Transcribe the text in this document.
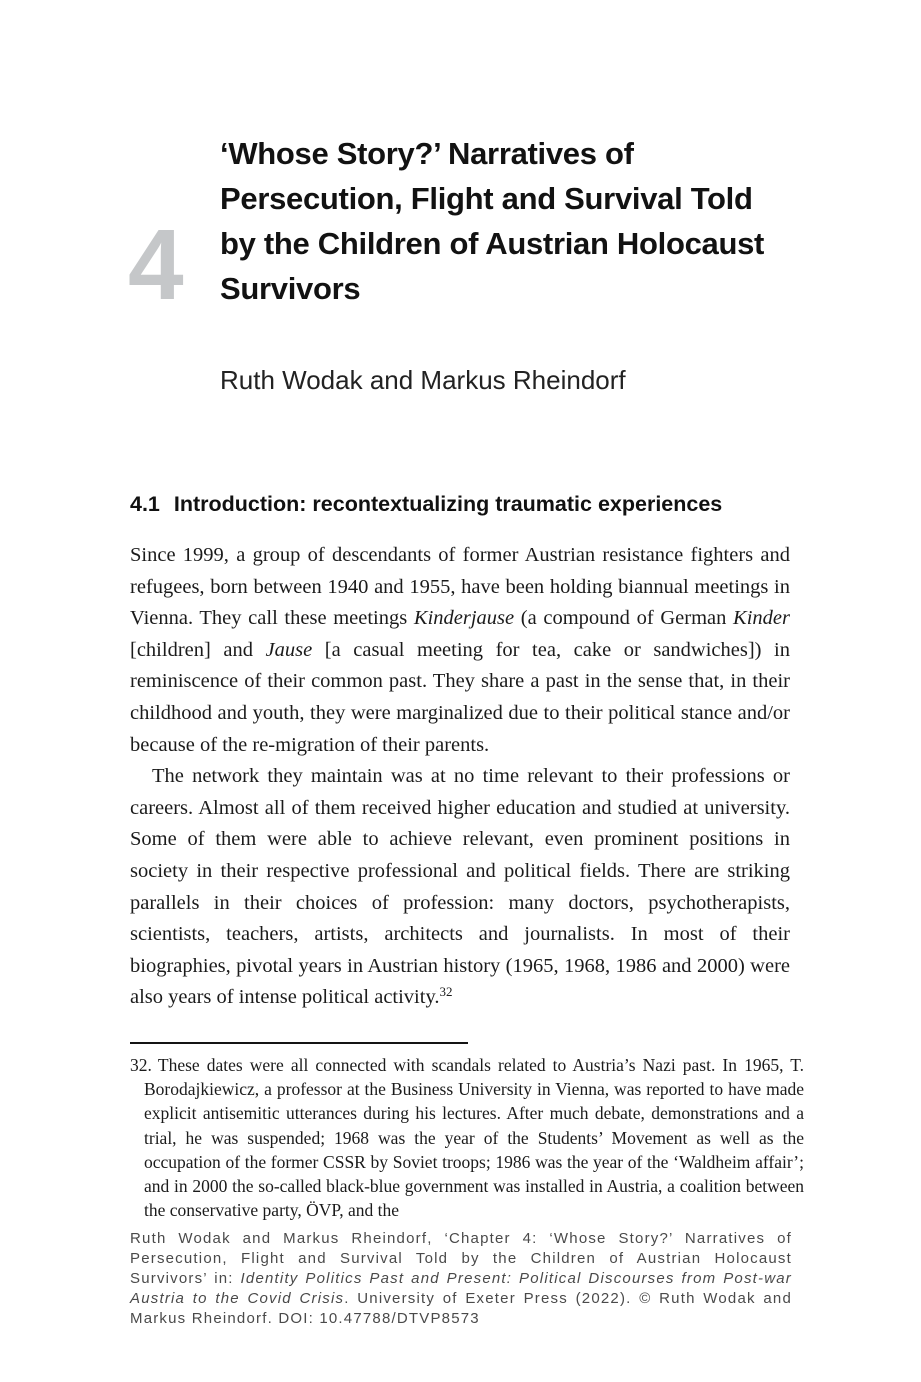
4
‘Whose Story?’ Narratives of Persecution, Flight and Survival Told by the Children of Austrian Holocaust Survivors
Ruth Wodak and Markus Rheindorf
4.1 Introduction: recontextualizing traumatic experiences

Since 1999, a group of descendants of former Austrian resistance fighters and refugees, born between 1940 and 1955, have been holding biannual meetings in Vienna. They call these meetings Kinderjause (a compound of German Kinder [children] and Jause [a casual meeting for tea, cake or sandwiches]) in reminiscence of their common past. They share a past in the sense that, in their childhood and youth, they were marginalized due to their political stance and/or because of the re-migration of their parents.

The network they maintain was at no time relevant to their professions or careers. Almost all of them received higher education and studied at university. Some of them were able to achieve relevant, even prominent positions in society in their respective professional and political fields. There are striking parallels in their choices of profession: many doctors, psychotherapists, scientists, teachers, artists, architects and journalists. In most of their biographies, pivotal years in Austrian history (1965, 1968, 1986 and 2000) were also years of intense political activity.$^{32}$

32. These dates were all connected with scandals related to Austria’s Nazi past. In 1965, T. Borodajkiewicz, a professor at the Business University in Vienna, was reported to have made explicit antisemitic utterances during his lectures. After much debate, demonstrations and a trial, he was suspended; 1968 was the year of the Students’ Movement as well as the occupation of the former CSSR by Soviet troops; 1986 was the year of the ‘Waldheim affair’; and in 2000 the so-called black-blue government was installed in Austria, a coalition between the conservative party, ÖVP, and the
Ruth Wodak and Markus Rheindorf, ‘Chapter 4: ‘Whose Story?’ Narratives of Persecution, Flight and Survival Told by the Children of Austrian Holocaust Survivors’ in: Identity Politics Past and Present: Political Discourses from Post-war Austria to the Covid Crisis. University of Exeter Press (2022). © Ruth Wodak and Markus Rheindorf. DOI: 10.47788/DTVP8573
